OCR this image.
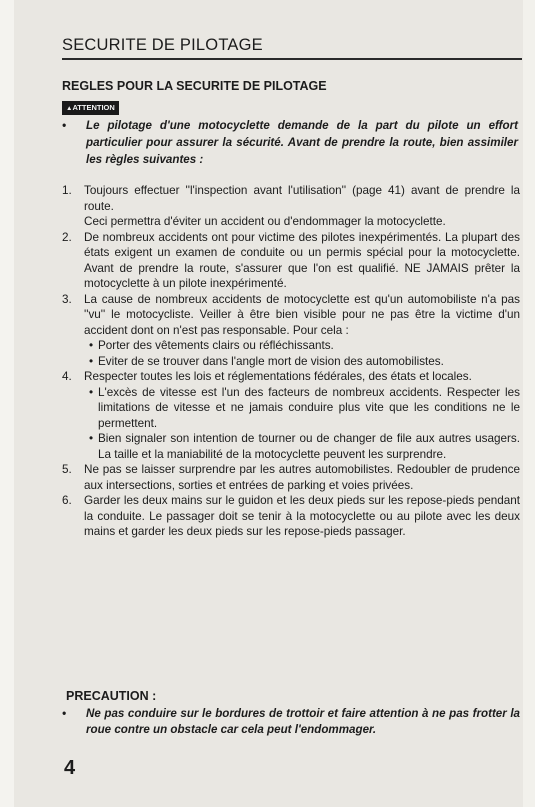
SECURITE DE PILOTAGE
REGLES POUR LA SECURITE DE PILOTAGE
▲ATTENTION
•	Le pilotage d'une motocyclette demande de la part du pilote un effort particulier pour assurer la sécurité. Avant de prendre la route, bien assimiler les règles suivantes :
1.	Toujours effectuer ''l'inspection avant l'utilisation'' (page 41) avant de prendre la route.
Ceci permettra d'éviter un accident ou d'endommager la motocyclette.
2.	De nombreux accidents ont pour victime des pilotes inexpérimentés. La plupart des états exigent un examen de conduite ou un permis spécial pour la motocyclette. Avant de prendre la route, s'assurer que l'on est qualifié. NE JAMAIS prêter la motocyclette à un pilote inexpérimenté.
3.	La cause de nombreux accidents de motocyclette est qu'un automobiliste n'a pas ''vu'' le motocycliste. Veiller à être bien visible pour ne pas être la victime d'un accident dont on n'est pas responsable. Pour cela :
• Porter des vêtements clairs ou réfléchissants.
• Eviter de se trouver dans l'angle mort de vision des automobilistes.
4.	Respecter toutes les lois et réglementations fédérales, des états et locales.
• L'excès de vitesse est l'un des facteurs de nombreux accidents. Respecter les limitations de vitesse et ne jamais conduire plus vite que les conditions ne le permettent.
• Bien signaler son intention de tourner ou de changer de file aux autres usagers. La taille et la maniabilité de la motocyclette peuvent les surprendre.
5.	Ne pas se laisser surprendre par les autres automobilistes. Redoubler de prudence aux intersections, sorties et entrées de parking et voies privées.
6.	Garder les deux mains sur le guidon et les deux pieds sur les repose-pieds pendant la conduite. Le passager doit se tenir à la motocyclette ou au pilote avec les deux mains et garder les deux pieds sur les repose-pieds passager.
PRECAUTION :
•	Ne pas conduire sur le bordures de trottoir et faire attention à ne pas frotter la roue contre un obstacle car cela peut l'endommager.
4
